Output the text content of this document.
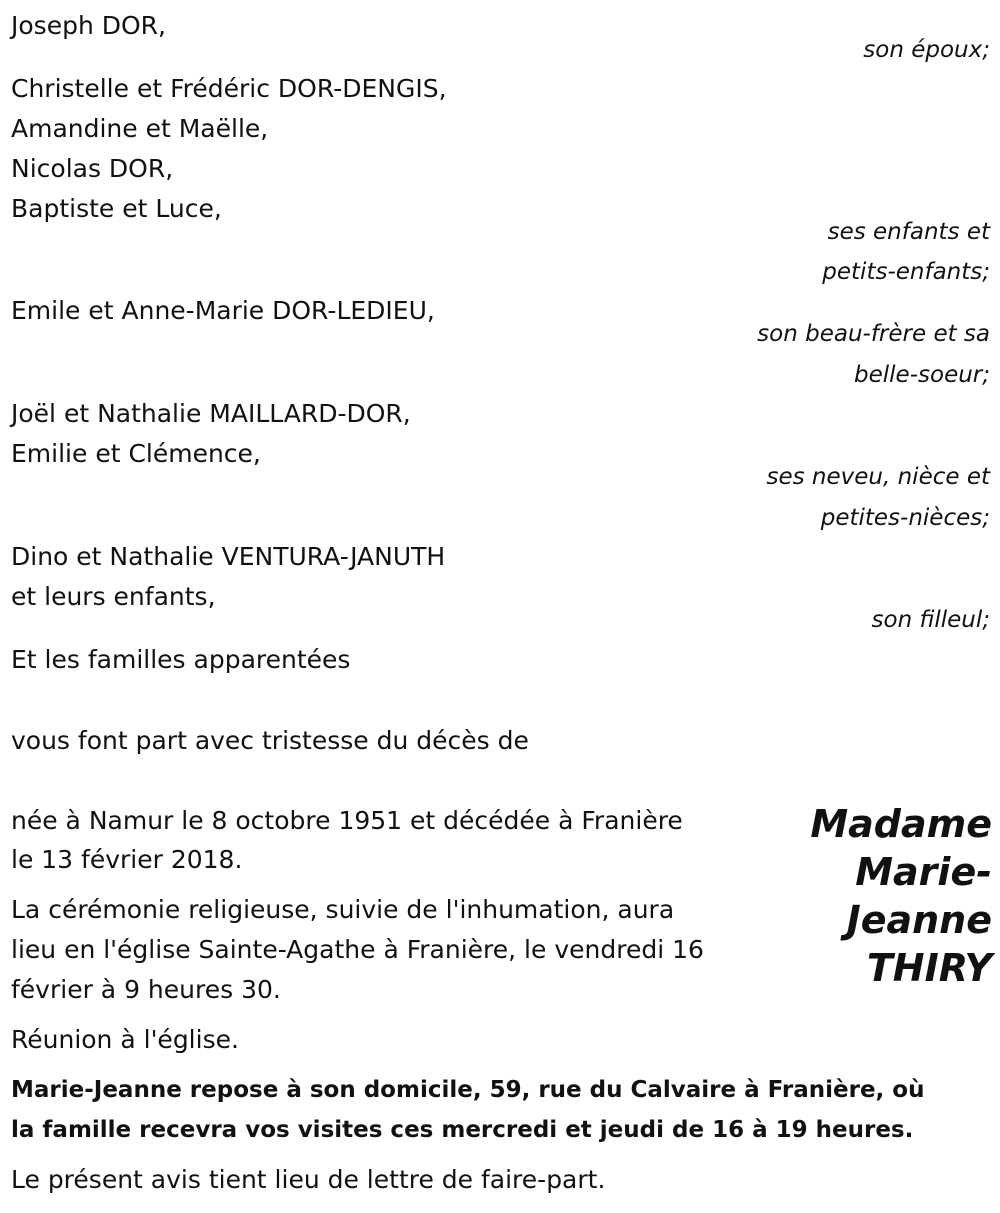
Joseph DOR,
son époux;
Christelle et Frédéric DOR-DENGIS,
Amandine et Maëlle,
Nicolas DOR,
Baptiste et Luce,
ses enfants et
petits-enfants;
Emile et Anne-Marie DOR-LEDIEU,
son beau-frère et sa
belle-soeur;
Joël et Nathalie MAILLARD-DOR,
Emilie et Clémence,
ses neveu, nièce et
petites-nièces;
Dino et Nathalie VENTURA-JANUTH
et leurs enfants,
son filleul;
Et les familles apparentées
vous font part avec tristesse du décès de
Madame
Marie-
Jeanne
THIRY
née à Namur le 8 octobre 1951 et décédée à Franière
le 13 février 2018.
La cérémonie religieuse, suivie de l'inhumation, aura
lieu en l'église Sainte-Agathe à Franière, le vendredi 16
février à 9 heures 30.
Réunion à l'église.
Marie-Jeanne repose à son domicile, 59, rue du Calvaire à Franière, où
la famille recevra vos visites ces mercredi et jeudi de 16 à 19 heures.
Le présent avis tient lieu de lettre de faire-part.
